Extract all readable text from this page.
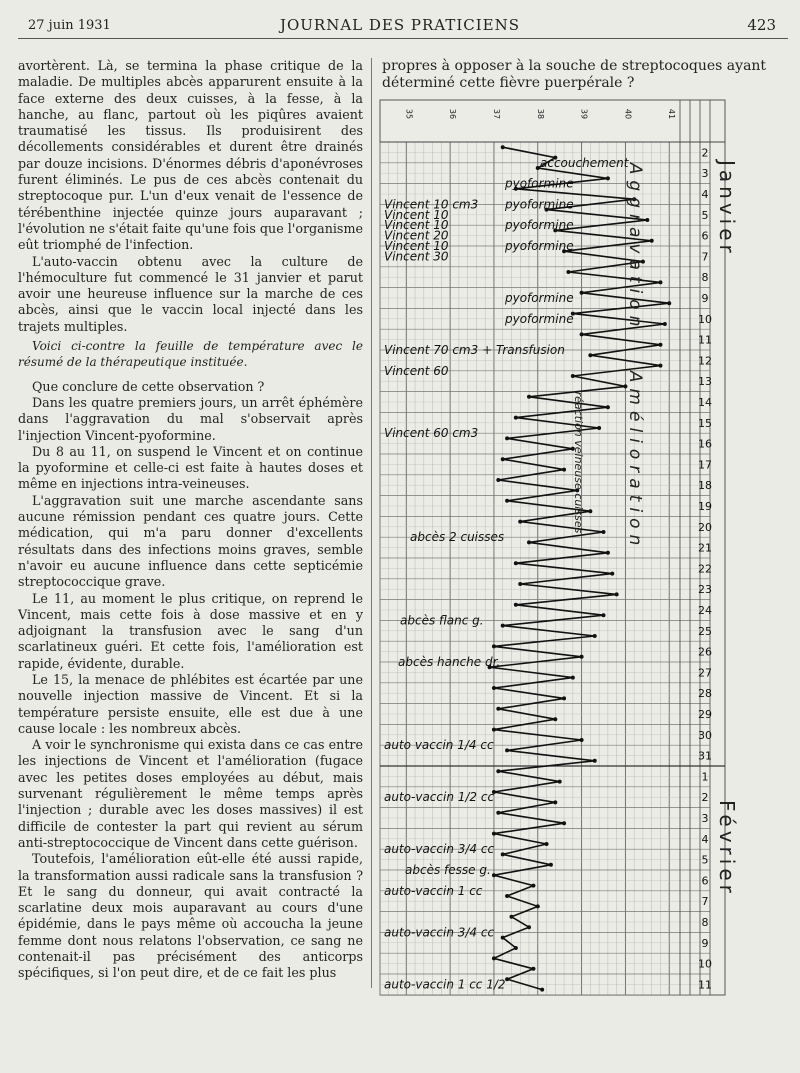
27 juin 1931	JOURNAL DES PRATICIENS	423

avortèrent. Là, se termina la phase critique de la maladie. De multiples abcès apparurent ensuite à la face externe des deux cuisses, à la fesse, à la hanche, au flanc, partout où les piqûres avaient traumatisé les tissus. Ils produisirent des décollements considérables et durent être drainés par douze incisions. D'énormes débris d'aponévroses furent éliminés. Le pus de ces abcès contenait du streptocoque pur. L'un d'eux venait de l'essence de térébenthine injectée quinze jours auparavant ; l'évolution ne s'était faite qu'une fois que l'organisme eût triomphé de l'infection.

L'auto-vaccin obtenu avec la culture de l'hémoculture fut commencé le 31 janvier et parut avoir une heureuse influence sur la marche de ces abcès, ainsi que le vaccin local injecté dans les trajets multiples.

Voici ci-contre la feuille de température avec le résumé de la thérapeutique instituée.

Que conclure de cette observation ?

Dans les quatre premiers jours, un arrêt éphémère dans l'aggravation du mal s'observait après l'injection Vincent-pyoformine.

Du 8 au 11, on suspend le Vincent et on continue la pyoformine et celle-ci est faite à hautes doses et même en injections intra-veineuses.

L'aggravation suit une marche ascendante sans aucune rémission pendant ces quatre jours. Cette médication, qui m'a paru donner d'excellents résultats dans des infections moins graves, semble n'avoir eu aucune influence dans cette septicémie streptococcique grave.

Le 11, au moment le plus critique, on reprend le Vincent, mais cette fois à dose massive et en y adjoignant la transfusion avec le sang d'un scarlatineux guéri. Et cette fois, l'amélioration est rapide, évidente, durable.

Le 15, la menace de phlébites est écartée par une nouvelle injection massive de Vincent. Et si la température persiste ensuite, elle est due à une cause locale : les nombreux abcès.

A voir le synchronisme qui exista dans ce cas entre les injections de Vincent et l'amélioration (fugace avec les petites doses employées au début, mais survenant régulièrement le même temps après l'injection ; durable avec les doses massives) il est difficile de contester la part qui revient au sérum anti-streptococcique de Vincent dans cette guérison.

Toutefois, l'amélioration eût-elle été aussi rapide, la transformation aussi radicale sans la transfusion ? Et le sang du donneur, qui avait contracté la scarlatine deux mois auparavant au cours d'une épidémie, dans le pays même où accoucha la jeune femme dont nous relatons l'observation, ce sang ne contenait-il pas précisément des anticorps spécifiques, si l'on peut dire, et de ce fait les plus

propres à opposer à la souche de streptocoques ayant déterminé cette fièvre puerpérale ?
35	36	37	38	39	40	41
2
3
4
5
6
7
8
9
10
11
12
13
14
15
16
17
18
19
20
21
22
23
24
25
26
27
28
29
30
31
1
2
3
4
5
6
7
8
9
10
11
Janvier
Février
accouchement
pyoformine
Vincent 10 cm3 pyoformine
Vincent 10
Vincent 10	pyoformine
Vincent 20
Vincent 10	pyoformine
Vincent 30
pyoformine
pyoformine
Vincent 70 cm3 + Transfusion
Vincent 60
Vincent 60 cm3
abcès 2 cuisses
abcès flanc g.
abcès hanche dr.
auto vaccin 1/4 cc
auto-vaccin 1/2 cc
auto-vaccin 3/4 cc
abcès fesse g.
auto-vaccin 1 cc
auto-vaccin 3/4 cc
auto-vaccin 1 cc 1/2
Aggravation
Amélioration
réaction veineuse cuisses
